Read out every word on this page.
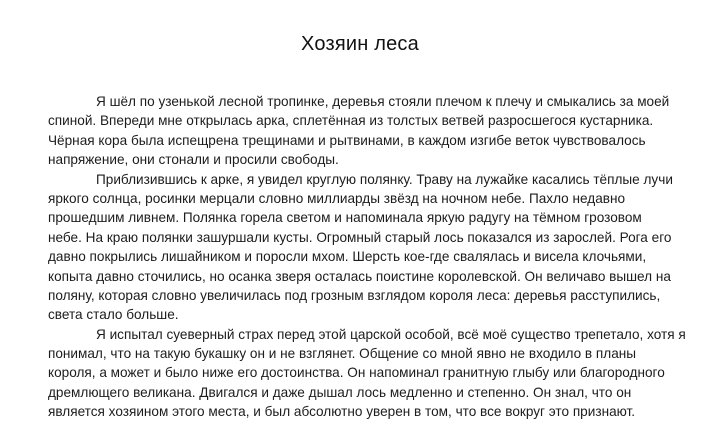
Хозяин леса
Я шёл по узенькой лесной тропинке, деревья стояли плечом к плечу и смыкались за моей
спиной. Впереди мне открылась арка, сплетённая из толстых ветвей разросшегося кустарника.
Чёрная кора была испещрена трещинами и рытвинами, в каждом изгибе веток чувствовалось
напряжение, они стонали и просили свободы.
Приблизившись к арке, я увидел круглую полянку. Траву на лужайке касались тёплые лучи
яркого солнца, росинки мерцали словно миллиарды звёзд на ночном небе. Пахло недавно
прошедшим ливнем. Полянка горела светом и напоминала яркую радугу на тёмном грозовом
небе. На краю полянки зашуршали кусты. Огромный старый лось показался из зарослей. Рога его
давно покрылись лишайником и поросли мхом. Шерсть кое-где свалялась и висела клочьями,
копыта давно сточились, но осанка зверя осталась поистине королевской. Он величаво вышел на
поляну, которая словно увеличилась под грозным взглядом короля леса: деревья расступились,
света стало больше.
Я испытал суеверный страх перед этой царской особой, всё моё существо трепетало, хотя я
понимал, что на такую букашку он и не взглянет. Общение со мной явно не входило в планы
короля, а может и было ниже его достоинства. Он напоминал гранитную глыбу или благородного
дремлющего великана. Двигался и даже дышал лось медленно и степенно. Он знал, что он
является хозяином этого места, и был абсолютно уверен в том, что все вокруг это признают.
